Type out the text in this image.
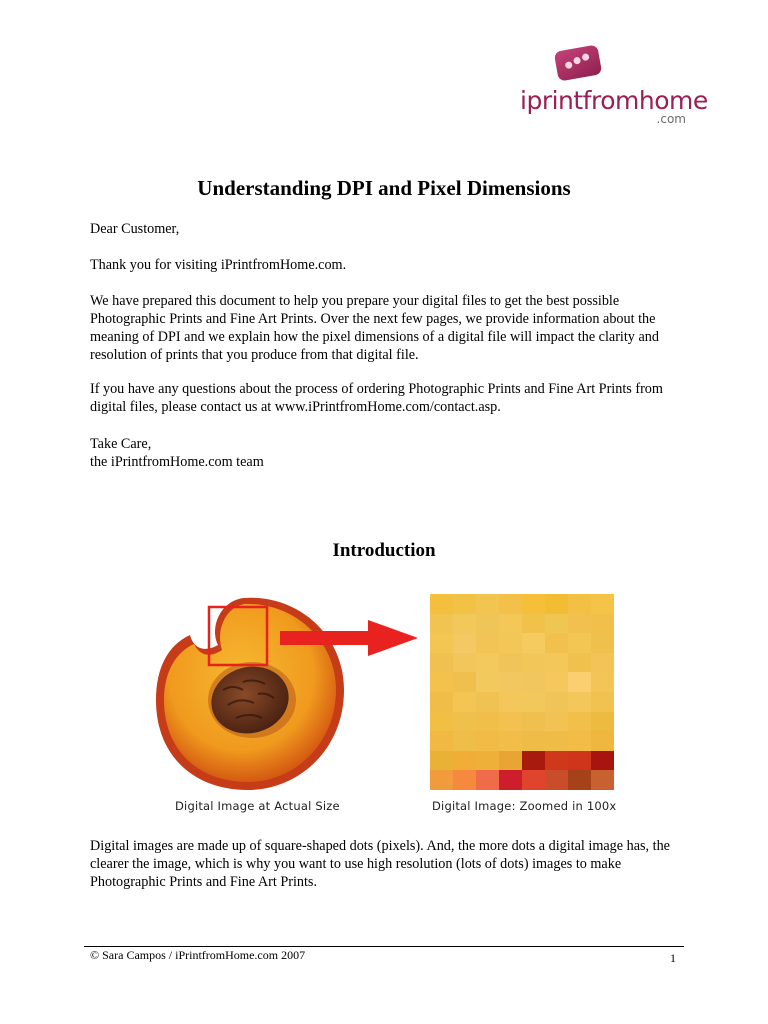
iprintfromhome
.com
Understanding DPI and Pixel Dimensions

Dear Customer,

Thank you for visiting iPrintfromHome.com.

We have prepared this document to help you prepare your digital files to get the best possible Photographic Prints and Fine Art Prints. Over the next few pages, we provide information about the meaning of DPI and we explain how the pixel dimensions of a digital file will impact the clarity and resolution of prints that you produce from that digital file.

If you have any questions about the process of ordering Photographic Prints and Fine Art Prints from digital files, please contact us at www.iPrintfromHome.com/contact.asp.

Take Care,

the iPrintfromHome.com team

Introduction
Digital Image at Actual Size	Digital Image: Zoomed in 100x

Digital images are made up of square-shaped dots (pixels). And, the more dots a digital image has, the clearer the image, which is why you want to use high resolution (lots of dots) images to make Photographic Prints and Fine Art Prints.

© Sara Campos / iPrintfromHome.com 2007	1
